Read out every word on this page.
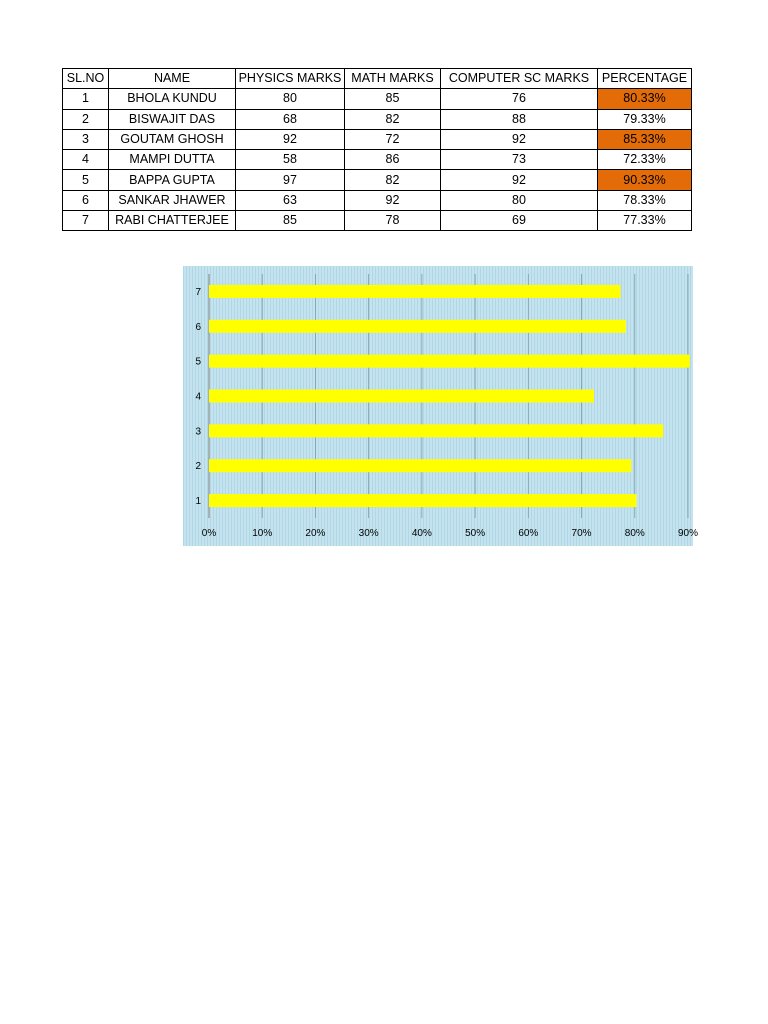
SL.NO	NAME	PHYSICS MARKS	MATH MARKS	COMPUTER SC MARKS	PERCENTAGE
1	BHOLA KUNDU	80	85	76	80.33%
2	BISWAJIT DAS	68	82	88	79.33%
3	GOUTAM GHOSH	92	72	92	85.33%
4	MAMPI DUTTA	58	86	73	72.33%
5	BAPPA GUPTA	97	82	92	90.33%
6	SANKAR JHAWER	63	92	80	78.33%
7	RABI CHATTERJEE	85	78	69	77.33%
1
2
3
4
5
6
7
0%	10%	20%	30%	40%	50%	60%	70%	80%	90%
